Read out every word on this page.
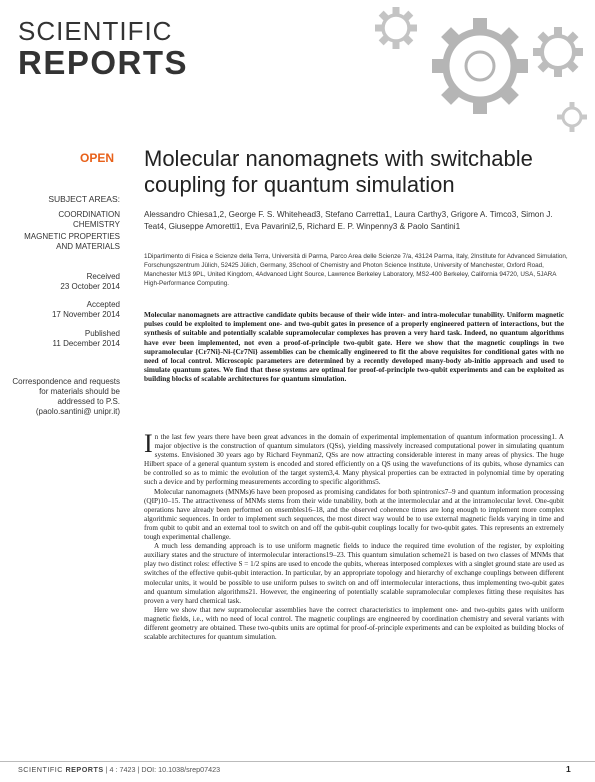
SCIENTIFIC
REPORTS
OPEN
SUBJECT AREAS:
COORDINATION CHEMISTRY
MAGNETIC PROPERTIES AND MATERIALS
Received
23 October 2014
Accepted
17 November 2014
Published
11 December 2014
Correspondence and requests for materials should be addressed to P.S. (paolo.santini@ unipr.it)
Molecular nanomagnets with switchable coupling for quantum simulation
Alessandro Chiesa1,2, George F. S. Whitehead3, Stefano Carretta1, Laura Carthy3, Grigore A. Timco3, Simon J. Teat4, Giuseppe Amoretti1, Eva Pavarini2,5, Richard E. P. Winpenny3 & Paolo Santini1
1Dipartimento di Fisica e Scienze della Terra, Università di Parma, Parco Area delle Scienze 7/a, 43124 Parma, Italy, 2Institute for Advanced Simulation, Forschungszentrum Jülich, 52425 Jülich, Germany, 3School of Chemistry and Photon Science Institute, University of Manchester, Oxford Road, Manchester M13 9PL, United Kingdom, 4Advanced Light Source, Lawrence Berkeley Laboratory, MS2-400 Berkeley, California 94720, USA, 5JARA High-Performance Computing.
Molecular nanomagnets are attractive candidate qubits because of their wide inter- and intra-molecular tunability. Uniform magnetic pulses could be exploited to implement one- and two-qubit gates in presence of a properly engineered pattern of interactions, but the synthesis of suitable and potentially scalable supramolecular complexes has proven a very hard task. Indeed, no quantum algorithms have ever been implemented, not even a proof-of-principle two-qubit gate. Here we show that the magnetic couplings in two supramolecular {Cr7Ni}-Ni-{Cr7Ni} assemblies can be chemically engineered to fit the above requisites for conditional gates with no need of local control. Microscopic parameters are determined by a recently developed many-body ab-initio approach and used to simulate quantum gates. We find that these systems are optimal for proof-of-principle two-qubit experiments and can be exploited as building blocks of scalable architectures for quantum simulation.

In the last few years there have been great advances in the domain of experimental implementation of quantum information processing1. A major objective is the construction of quantum simulators (QSs), yielding massively increased computational power in simulating quantum systems. Envisioned 30 years ago by Richard Feynman2, QSs are now attracting considerable interest in many areas of physics. The huge Hilbert space of a general quantum system is encoded and stored efficiently on a QS using the wavefunctions of its qubits, whose dynamics can be controlled so as to mimic the evolution of the target system3,4. Many physical properties can be extracted in polynomial time by operating such a device and by performing measurements according to specific algorithms5.

Molecular nanomagnets (MNMs)6 have been proposed as promising candidates for both spintronics7–9 and quantum information processing (QIP)10–15. The attractiveness of MNMs stems from their wide tunability, both at the intermolecular and at the intramolecular level. One-qubit operations have already been performed on ensembles16–18, and the observed coherence times are long enough to implement more complex algorithmic sequences. In order to implement such sequences, the most direct way would be to use external magnetic fields varying in time and from qubit to qubit and an external tool to switch on and off the qubit-qubit couplings locally for two-qubit gates. This represents an extremely tough experimental challenge.

A much less demanding approach is to use uniform magnetic fields to induce the required time evolution of the register, by exploiting auxiliary states and the structure of intermolecular interactions19–23. This quantum simulation scheme21 is based on two classes of MNMs that play two distinct roles: effective S = 1/2 spins are used to encode the qubits, whereas interposed complexes with a singlet ground state are used as switches of the effective qubit-qubit interaction. In particular, by an appropriate topology and hierarchy of exchange couplings between different molecular units, it would be possible to use uniform pulses to switch on and off intermolecular interactions, thus implementing two-qubit gates and quantum simulation algorithms21. However, the engineering of potentially scalable supramolecular complexes fitting these requisites has proven a very hard chemical task.

Here we show that new supramolecular assemblies have the correct characteristics to implement one- and two-qubits gates with uniform magnetic fields, i.e., with no need of local control. The magnetic couplings are engineered by coordination chemistry and several variants with different geometry are obtained. These two-qubits units are optimal for proof-of-principle experiments and can be exploited as building blocks of scalable architectures for quantum simulation.

SCIENTIFIC REPORTS | 4 : 7423 | DOI: 10.1038/srep07423	1
